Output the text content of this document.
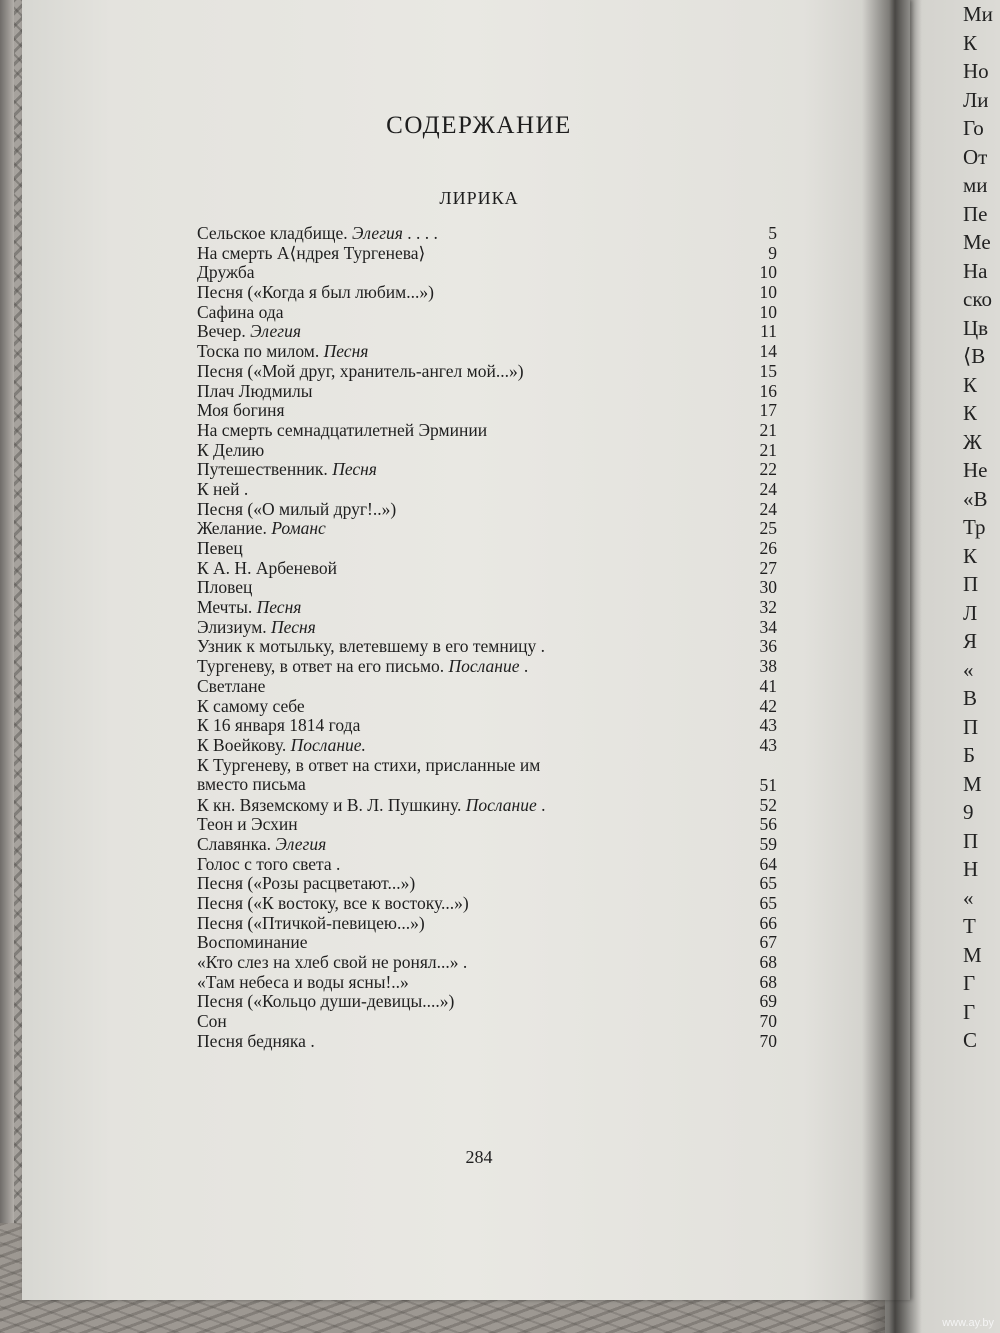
Ми
К
Но
Ли
Го
От
ми
Пе
Ме
На
ско
Цв
⟨В
К
К
Ж
Не
«В
Тр
К
П
Л
Я
«
В
П
Б
М
9
П
Н
«
Т
М
Г
Г
С
СОДЕРЖАНИЕ
ЛИРИКА
Сельское кладбище. Элегия . . . .	5
На смерть А⟨ндрея Тургенева⟩	9
Дружба	10
Песня («Когда я был любим...»)	10
Сафина ода	10
Вечер. Элегия	11
Тоска по милом. Песня	14
Песня («Мой друг, хранитель-ангел мой...»)	15
Плач Людмилы	16
Моя богиня	17
На смерть семнадцатилетней Эрминии	21
К Делию	21
Путешественник. Песня	22
К ней .	24
Песня («О милый друг!..»)	24
Желание. Романс	25
Певец	26
К А. Н. Арбеневой	27
Пловец	30
Мечты. Песня	32
Элизиум. Песня	34
Узник к мотыльку, влетевшему в его темницу .	36
Тургеневу, в ответ на его письмо. Послание .	38
Светлане	41
К самому себе	42
К 16 января 1814 года	43
К Воейкову. Послание.	43
К Тургеневу, в ответ на стихи, присланные им
вместо письма	51
К кн. Вяземскому и В. Л. Пушкину. Послание .	52
Теон и Эсхин	56
Славянка. Элегия	59
Голос с того света .	64
Песня («Розы расцветают...»)	65
Песня («К востоку, все к востоку...»)	65
Песня («Птичкой-певицею...»)	66
Воспоминание	67
«Кто слез на хлеб свой не ронял...» .	68
«Там небеса и воды ясны!..»	68
Песня («Кольцо души-девицы....»)	69
Сон	70
Песня бедняка .	70
284
www.ay.by
